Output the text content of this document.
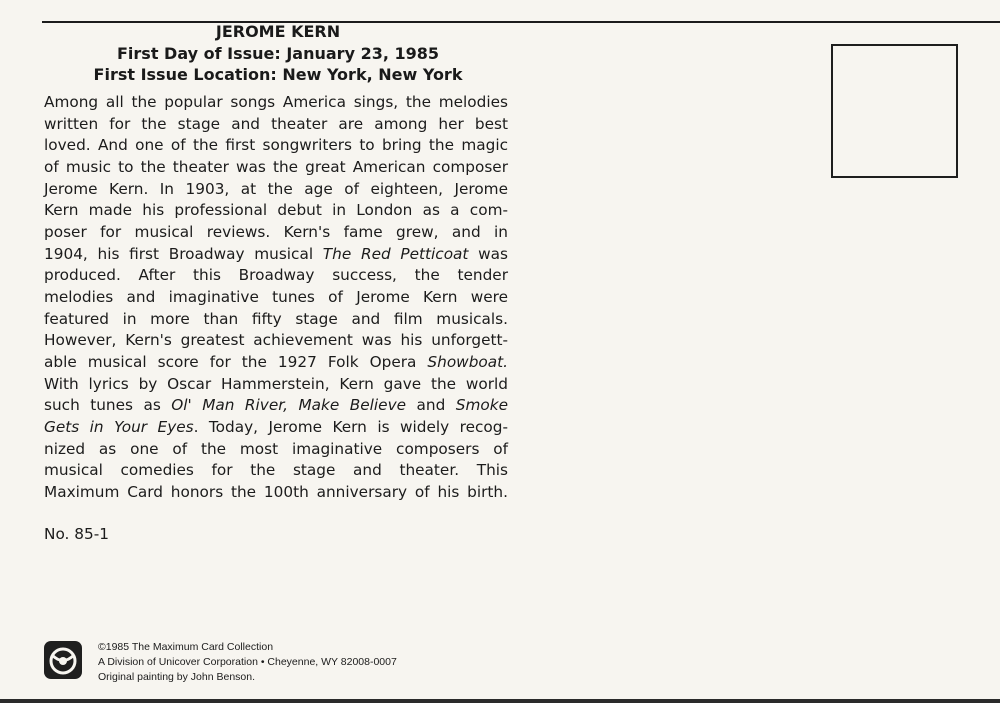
JEROME KERN
First Day of Issue: January 23, 1985
First Issue Location: New York, New York
Among all the popular songs America sings, the melodies
written for the stage and theater are among her best
loved. And one of the first songwriters to bring the magic
of music to the theater was the great American composer
Jerome Kern. In 1903, at the age of eighteen, Jerome
Kern made his professional debut in London as a com-
poser for musical reviews. Kern's fame grew, and in
1904, his first Broadway musical The Red Petticoat was
produced. After this Broadway success, the tender
melodies and imaginative tunes of Jerome Kern were
featured in more than fifty stage and film musicals.
However, Kern's greatest achievement was his unforgett-
able musical score for the 1927 Folk Opera Showboat.
With lyrics by Oscar Hammerstein, Kern gave the world
such tunes as Ol' Man River, Make Believe and Smoke
Gets in Your Eyes. Today, Jerome Kern is widely recog-
nized as one of the most imaginative composers of
musical comedies for the stage and theater. This
Maximum Card honors the 100th anniversary of his birth.
No. 85-1
©1985 The Maximum Card Collection
A Division of Unicover Corporation • Cheyenne, WY 82008-0007
Original painting by John Benson.
